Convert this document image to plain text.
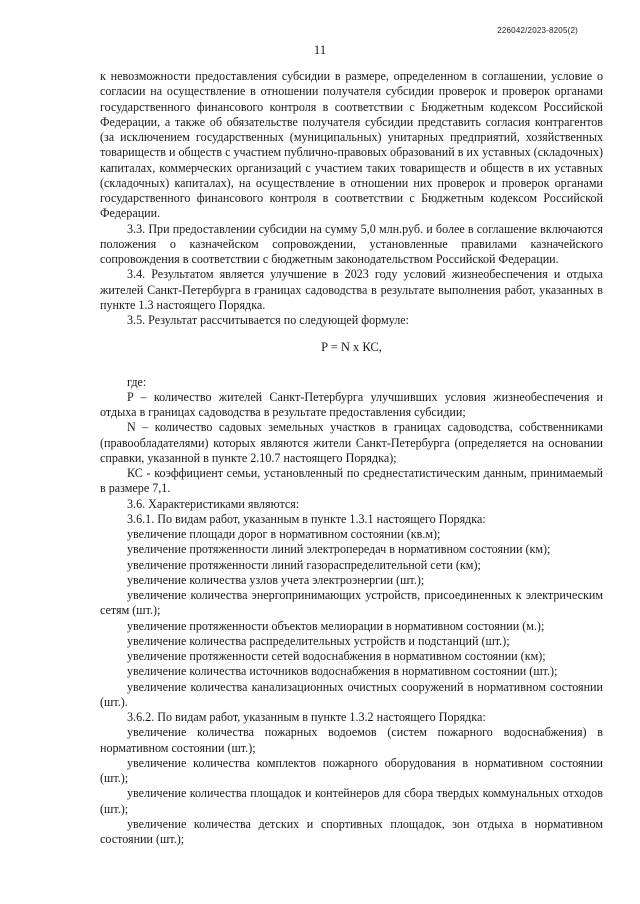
226042/2023-8205(2)
11

к невозможности предоставления субсидии в размере, определенном в соглашении, условие о согласии на осуществление в отношении получателя субсидии проверок и проверок органами государственного финансового контроля в соответствии с Бюджетным кодексом Российской Федерации, а также об обязательстве получателя субсидии представить согласия контрагентов (за исключением государственных (муниципальных) унитарных предприятий, хозяйственных товариществ и обществ с участием публично-правовых образований в их уставных (складочных) капиталах, коммерческих организаций с участием таких товариществ и обществ в их уставных (складочных) капиталах), на осуществление в отношении них проверок и проверок органами государственного финансового контроля в соответствии с Бюджетным кодексом Российской Федерации.

3.3. При предоставлении субсидии на сумму 5,0 млн.руб. и более в соглашение включаются положения о казначейском сопровождении, установленные правилами казначейского сопровождения в соответствии с бюджетным законодательством Российской Федерации.

3.4. Результатом является улучшение в 2023 году условий жизнеобеспечения и отдыха жителей Санкт-Петербурга в границах садоводства в результате выполнения работ, указанных в пункте 1.3 настоящего Порядка.

3.5. Результат рассчитывается по следующей формуле:

P = N x КС,

где:

P – количество жителей Санкт-Петербурга улучшивших условия жизнеобеспечения и отдыха в границах садоводства в результате предоставления субсидии;

N – количество садовых земельных участков в границах садоводства, собственниками (правообладателями) которых являются жители Санкт-Петербурга (определяется на основании справки, указанной в пункте 2.10.7 настоящего Порядка);

КС - коэффициент семьи, установленный по среднестатистическим данным, принимаемый в размере 7,1.

3.6. Характеристиками являются:

3.6.1. По видам работ, указанным в пункте 1.3.1 настоящего Порядка:

увеличение площади дорог в нормативном состоянии (кв.м);

увеличение протяженности линий электропередач в нормативном состоянии (км);

увеличение протяженности линий газораспределительной сети (км);

увеличение количества узлов учета электроэнергии (шт.);

увеличение количества энергопринимающих устройств, присоединенных к электрическим сетям (шт.);

увеличение протяженности объектов мелиорации в нормативном состоянии (м.);

увеличение количества распределительных устройств и подстанций (шт.);

увеличение протяженности сетей водоснабжения в нормативном состоянии (км);

увеличение количества источников водоснабжения в нормативном состоянии (шт.);

увеличение количества канализационных очистных сооружений в нормативном состоянии (шт.).

3.6.2. По видам работ, указанным в пункте 1.3.2 настоящего Порядка:

увеличение количества пожарных водоемов (систем пожарного водоснабжения) в нормативном состоянии (шт.);

увеличение количества комплектов пожарного оборудования в нормативном состоянии (шт.);

увеличение количества площадок и контейнеров для сбора твердых коммунальных отходов (шт.);

увеличение количества детских и спортивных площадок, зон отдыха в нормативном состоянии (шт.);
